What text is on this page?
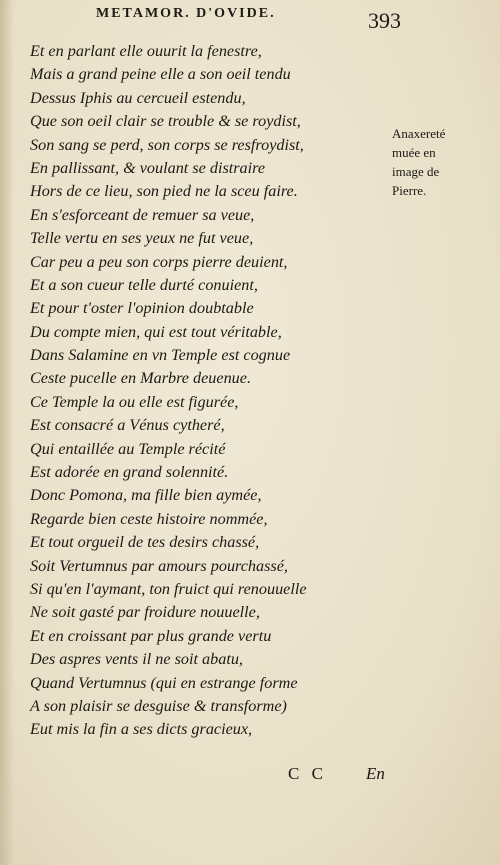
METAMOR. D'OVIDE.	393
Et en parlant elle ouurit la fenestre,
Mais a grand peine elle a son oeil tendu
Dessus Iphis au cercueil estendu,
Que son oeil clair se trouble & se roydist,
Son sang se perd, son corps se resfroydist,
En pallissant, & voulant se distraire
Hors de ce lieu, son pied ne la sceu faire.
En s'esforceant de remuer sa veue,
Telle vertu en ses yeux ne fut veue,
Car peu a peu son corps pierre deuient,
Et a son cueur telle durté conuient,
Et pour t'oster l'opinion doubtable
Du compte mien, qui est tout véritable,
Dans Salamine en vn Temple est cognue
Ceste pucelle en Marbre deuenue.
Ce Temple la ou elle est figurée,
Est consacré a Vénus cytheré,
Qui entaillée au Temple récité
Est adorée en grand solennité.
Donc Pomona, ma fille bien aymée,
Regarde bien ceste histoire nommée,
Et tout orgueil de tes desirs chassé,
Soit Vertumnus par amours pourchassé,
Si qu'en l'aymant, ton fruict qui renouuelle
Ne soit gasté par froidure nouuelle,
Et en croissant par plus grande vertu
Des aspres vents il ne soit abatu,
Quand Vertumnus (qui en estrange forme
A son plaisir se desguise & transforme)
Eut mis la fin a ses dicts gracieux,
Anaxereté
muée en
image de
Pierre.
C C En
